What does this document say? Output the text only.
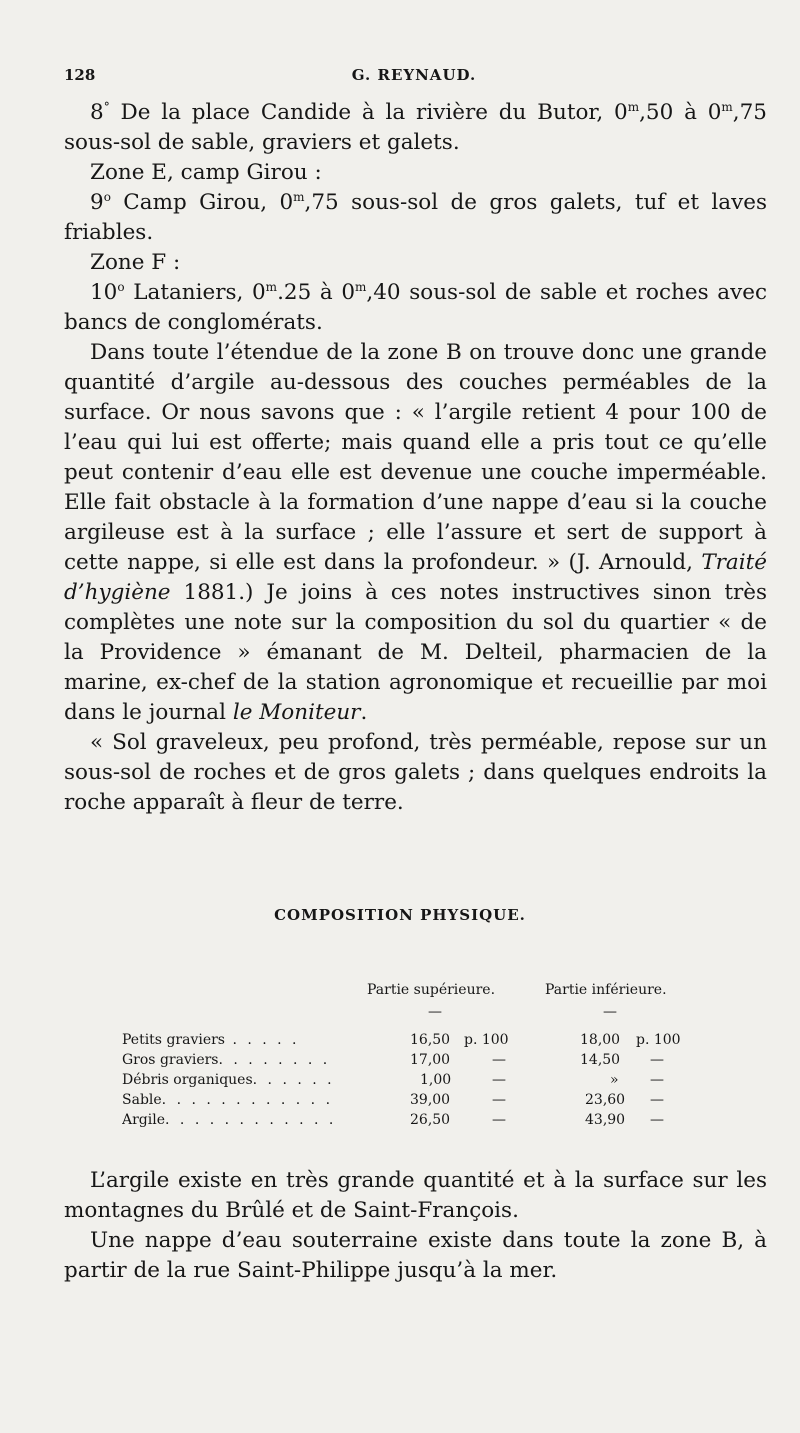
128	G. REYNAUD.

8° De la place Candide à la rivière du Butor, 0$^m$,50 à 0$^m$,75 sous-sol de sable, graviers et galets.

Zone E, camp Girou :

9$^o$ Camp Girou, 0$^m$,75 sous-sol de gros galets, tuf et laves friables.

Zone F :

10$^o$ Lataniers, 0$^m$.25 à 0$^m$,40 sous-sol de sable et roches avec bancs de conglomérats.

Dans toute l’étendue de la zone B on trouve donc une grande quantité d’argile au-dessous des couches perméables de la surface. Or nous savons que : « l’argile retient 4 pour 100 de l’eau qui lui est offerte; mais quand elle a pris tout ce qu’elle peut contenir d’eau elle est devenue une couche imperméable. Elle fait obstacle à la formation d’une nappe d’eau si la couche argileuse est à la surface ; elle l’assure et sert de support à cette nappe, si elle est dans la profondeur. » (J. Arnould, Traité d’hygiène 1881.) Je joins à ces notes instructives sinon très complètes une note sur la composition du sol du quartier « de la Providence » émanant de M. Delteil, pharmacien de la marine, ex-chef de la station agronomique et recueillie par moi dans le journal le Moniteur.

« Sol graveleux, peu profond, très perméable, repose sur un sous-sol de roches et de gros galets ; dans quelques endroits la roche apparaît à fleur de terre.

COMPOSITION PHYSIQUE.
Partie supérieure.	Partie inférieure.
—	—
Petits graviers . . . . .	16,50 p. 100	18,00 p. 100
Gros graviers. . . . . . . .	17,00	—	14,50 —
Débris organiques. . . . . .	1,00	—	» —
Sable. . . . . . . . . . . .	39,00	—	23,60 —
Argile. . . . . . . . . . . .	26,50	—	43,90 —

L’argile existe en très grande quantité et à la surface sur les montagnes du Brûlé et de Saint-François.

Une nappe d’eau souterraine existe dans toute la zone B, à partir de la rue Saint-Philippe jusqu’à la mer.
